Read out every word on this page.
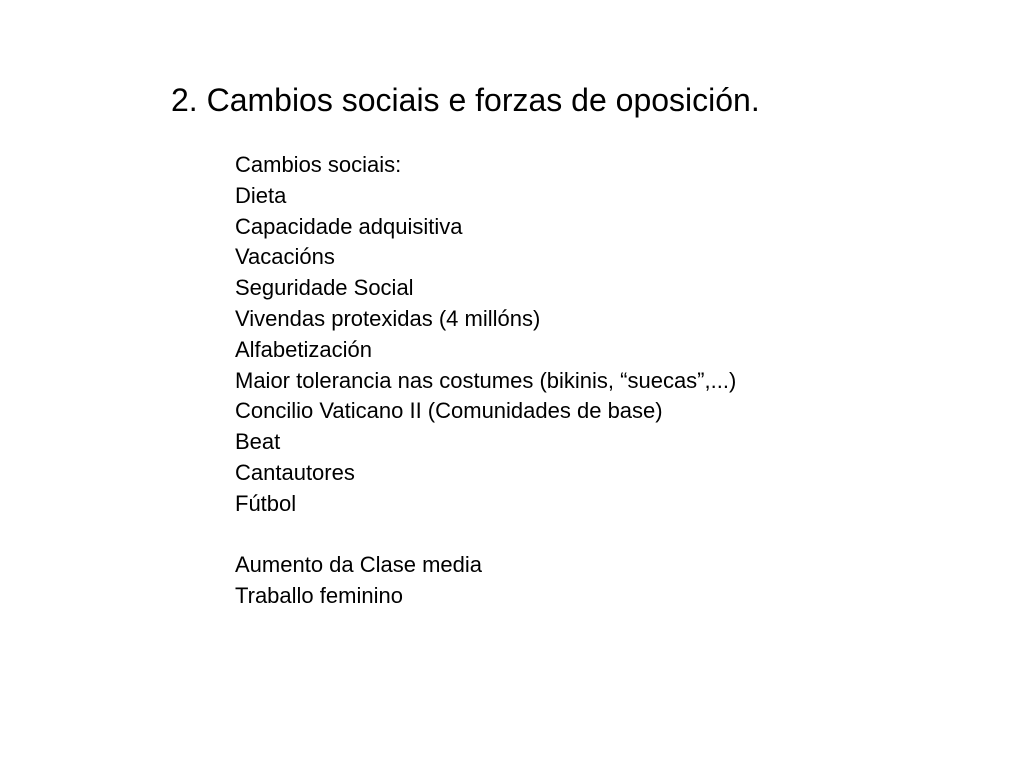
2. Cambios sociais e forzas de oposición.

Cambios sociais:

Dieta

Capacidade adquisitiva

Vacacións

Seguridade Social

Vivendas protexidas (4 millóns)

Alfabetización

Maior tolerancia nas costumes (bikinis, “suecas”,...)

Concilio Vaticano II (Comunidades de base)

Beat

Cantautores

Fútbol

Aumento da Clase media

Traballo feminino
